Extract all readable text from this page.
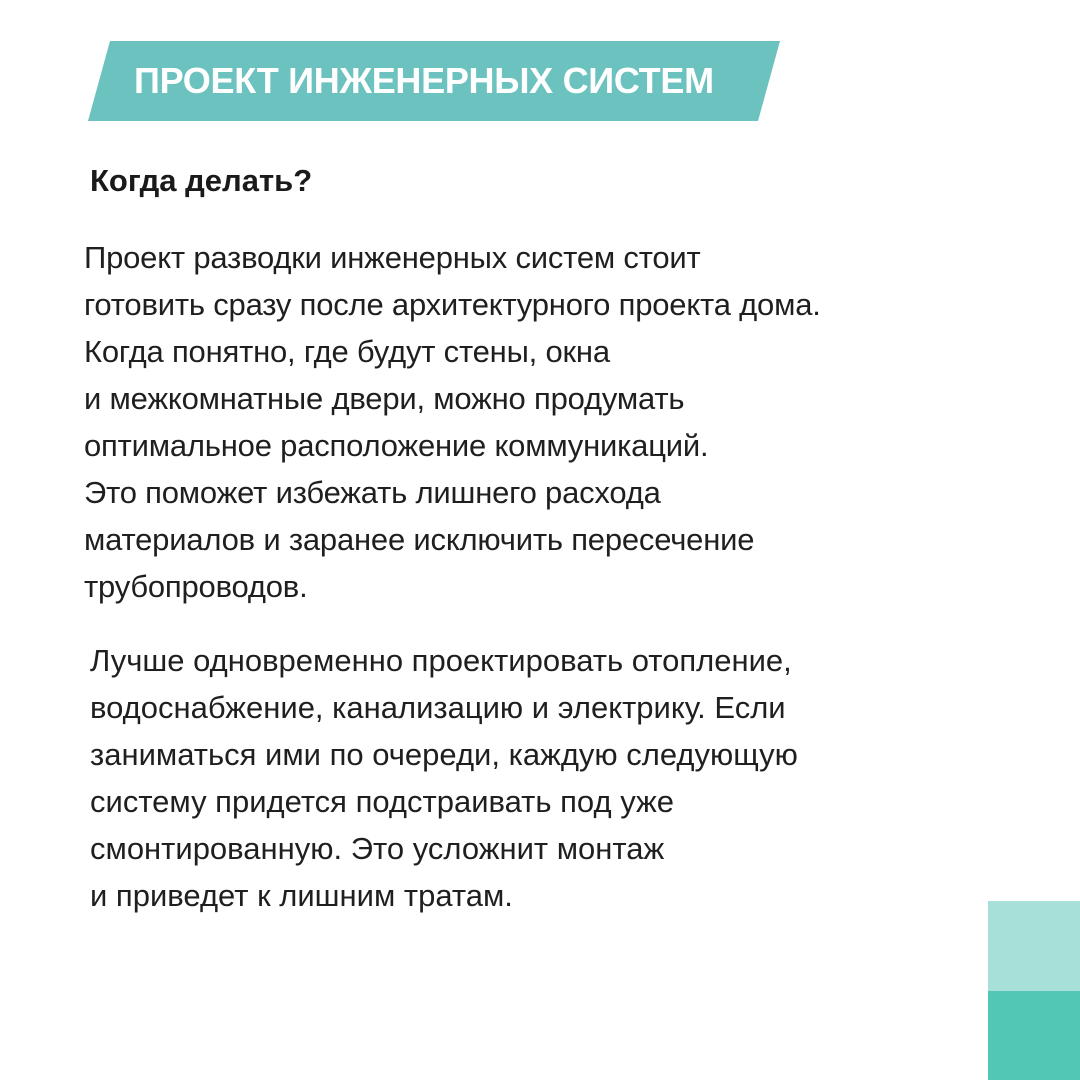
ПРОЕКТ ИНЖЕНЕРНЫХ СИСТЕМ
Когда делать?

Проект разводки инженерных систем стоит
готовить сразу после архитектурного проекта дома.
Когда понятно, где будут стены, окна
и межкомнатные двери, можно продумать
оптимальное расположение коммуникаций.
Это поможет избежать лишнего расхода
материалов и заранее исключить пересечение
трубопроводов.

Лучше одновременно проектировать отопление,
водоснабжение, канализацию и электрику. Если
заниматься ими по очереди, каждую следующую
систему придется подстраивать под уже
смонтированную. Это усложнит монтаж
и приведет к лишним тратам.
